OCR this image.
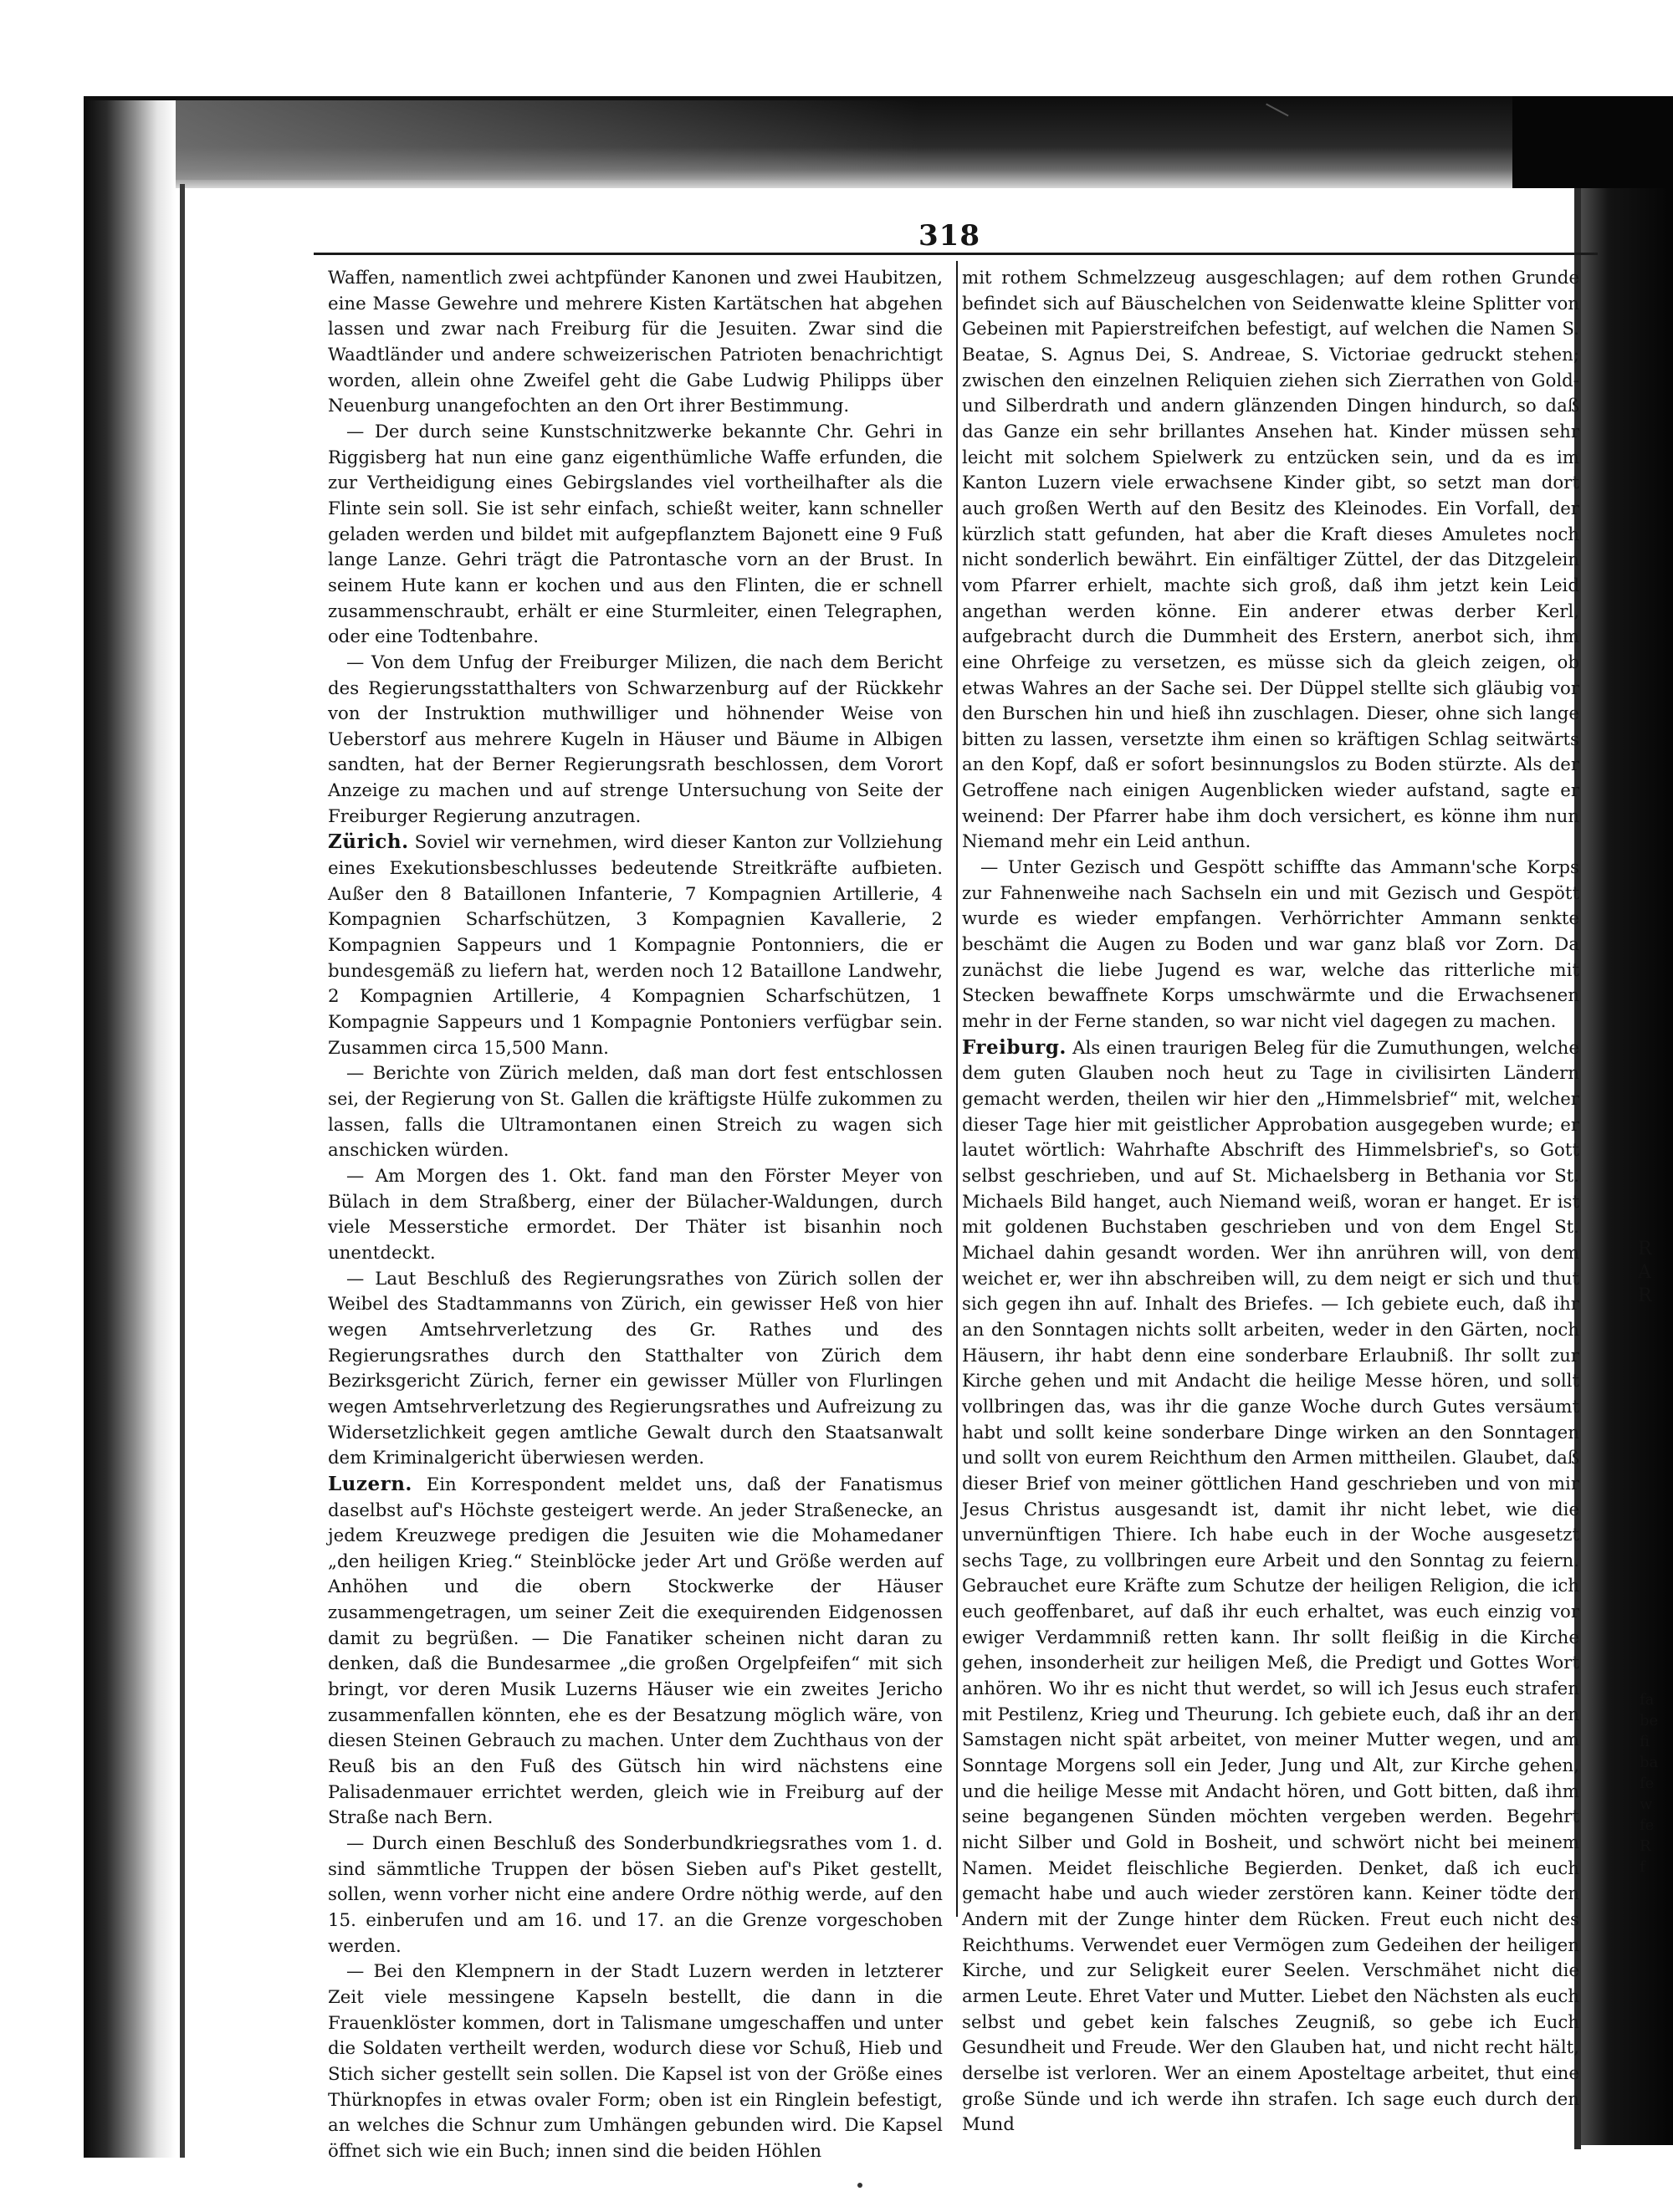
318

Waffen, namentlich zwei achtpfünder Kanonen und zwei Haubitzen, eine Masse Gewehre und mehrere Kisten Kartätschen hat abgehen lassen und zwar nach Freiburg für die Jesuiten. Zwar sind die Waadtländer und andere schweizerischen Patrioten benachrichtigt worden, allein ohne Zweifel geht die Gabe Ludwig Philipps über Neuenburg unangefochten an den Ort ihrer Bestimmung.

— Der durch seine Kunstschnitzwerke bekannte Chr. Gehri in Riggisberg hat nun eine ganz eigenthümliche Waffe erfunden, die zur Vertheidigung eines Gebirgslandes viel vortheilhafter als die Flinte sein soll. Sie ist sehr einfach, schießt weiter, kann schneller geladen werden und bildet mit aufgepflanztem Bajonett eine 9 Fuß lange Lanze. Gehri trägt die Patrontasche vorn an der Brust. In seinem Hute kann er kochen und aus den Flinten, die er schnell zusammenschraubt, erhält er eine Sturmleiter, einen Telegraphen, oder eine Todtenbahre.

— Von dem Unfug der Freiburger Milizen, die nach dem Bericht des Regierungsstatthalters von Schwarzenburg auf der Rückkehr von der Instruktion muthwilliger und höhnender Weise von Ueberstorf aus mehrere Kugeln in Häuser und Bäume in Albigen sandten, hat der Berner Regierungsrath beschlossen, dem Vorort Anzeige zu machen und auf strenge Untersuchung von Seite der Freiburger Regierung anzutragen.

Zürich. Soviel wir vernehmen, wird dieser Kanton zur Vollziehung eines Exekutionsbeschlusses bedeutende Streitkräfte aufbieten. Außer den 8 Bataillonen Infanterie, 7 Kompagnien Artillerie, 4 Kompagnien Scharfschützen, 3 Kompagnien Kavallerie, 2 Kompagnien Sappeurs und 1 Kompagnie Pontonniers, die er bundesgemäß zu liefern hat, werden noch 12 Bataillone Landwehr, 2 Kompagnien Artillerie, 4 Kompagnien Scharfschützen, 1 Kompagnie Sappeurs und 1 Kompagnie Pontoniers verfügbar sein. Zusammen circa 15,500 Mann.

— Berichte von Zürich melden, daß man dort fest entschlossen sei, der Regierung von St. Gallen die kräftigste Hülfe zukommen zu lassen, falls die Ultramontanen einen Streich zu wagen sich anschicken würden.

— Am Morgen des 1. Okt. fand man den Förster Meyer von Bülach in dem Straßberg, einer der Bülacher-Waldungen, durch viele Messerstiche ermordet. Der Thäter ist bisanhin noch unentdeckt.

— Laut Beschluß des Regierungsrathes von Zürich sollen der Weibel des Stadtammanns von Zürich, ein gewisser Heß von hier wegen Amtsehrverletzung des Gr. Rathes und des Regierungsrathes durch den Statthalter von Zürich dem Bezirksgericht Zürich, ferner ein gewisser Müller von Flurlingen wegen Amtsehrverletzung des Regierungsrathes und Aufreizung zu Widersetzlichkeit gegen amtliche Gewalt durch den Staatsanwalt dem Kriminalgericht überwiesen werden.

Luzern. Ein Korrespondent meldet uns, daß der Fanatismus daselbst auf's Höchste gesteigert werde. An jeder Straßenecke, an jedem Kreuzwege predigen die Jesuiten wie die Mohamedaner „den heiligen Krieg.“ Steinblöcke jeder Art und Größe werden auf Anhöhen und die obern Stockwerke der Häuser zusammengetragen, um seiner Zeit die exequirenden Eidgenossen damit zu begrüßen. — Die Fanatiker scheinen nicht daran zu denken, daß die Bundesarmee „die großen Orgelpfeifen“ mit sich bringt, vor deren Musik Luzerns Häuser wie ein zweites Jericho zusammenfallen könnten, ehe es der Besatzung möglich wäre, von diesen Steinen Gebrauch zu machen. Unter dem Zuchthaus von der Reuß bis an den Fuß des Gütsch hin wird nächstens eine Palisadenmauer errichtet werden, gleich wie in Freiburg auf der Straße nach Bern.

— Durch einen Beschluß des Sonderbundkriegsrathes vom 1. d. sind sämmtliche Truppen der bösen Sieben auf's Piket gestellt, sollen, wenn vorher nicht eine andere Ordre nöthig werde, auf den 15. einberufen und am 16. und 17. an die Grenze vorgeschoben werden.

— Bei den Klempnern in der Stadt Luzern werden in letzterer Zeit viele messingene Kapseln bestellt, die dann in die Frauenklöster kommen, dort in Talismane umgeschaffen und unter die Soldaten vertheilt werden, wodurch diese vor Schuß, Hieb und Stich sicher gestellt sein sollen. Die Kapsel ist von der Größe eines Thürknopfes in etwas ovaler Form; oben ist ein Ringlein befestigt, an welches die Schnur zum Umhängen gebunden wird. Die Kapsel öffnet sich wie ein Buch; innen sind die beiden Höhlen

mit rothem Schmelzzeug ausgeschlagen; auf dem rothen Grunde befindet sich auf Bäuschelchen von Seidenwatte kleine Splitter von Gebeinen mit Papierstreifchen befestigt, auf welchen die Namen S. Beatae, S. Agnus Dei, S. Andreae, S. Victoriae gedruckt stehen; zwischen den einzelnen Reliquien ziehen sich Zierrathen von Gold- und Silberdrath und andern glänzenden Dingen hindurch, so daß das Ganze ein sehr brillantes Ansehen hat. Kinder müssen sehr leicht mit solchem Spielwerk zu entzücken sein, und da es im Kanton Luzern viele erwachsene Kinder gibt, so setzt man dort auch großen Werth auf den Besitz des Kleinodes. Ein Vorfall, der kürzlich statt gefunden, hat aber die Kraft dieses Amuletes noch nicht sonderlich bewährt. Ein einfältiger Züttel, der das Ditzgelein vom Pfarrer erhielt, machte sich groß, daß ihm jetzt kein Leid angethan werden könne. Ein anderer etwas derber Kerl, aufgebracht durch die Dummheit des Erstern, anerbot sich, ihm eine Ohrfeige zu versetzen, es müsse sich da gleich zeigen, ob etwas Wahres an der Sache sei. Der Düppel stellte sich gläubig vor den Burschen hin und hieß ihn zuschlagen. Dieser, ohne sich lange bitten zu lassen, versetzte ihm einen so kräftigen Schlag seitwärts an den Kopf, daß er sofort besinnungslos zu Boden stürzte. Als der Getroffene nach einigen Augenblicken wieder aufstand, sagte er weinend: Der Pfarrer habe ihm doch versichert, es könne ihm nun Niemand mehr ein Leid anthun.

— Unter Gezisch und Gespött schiffte das Ammann'sche Korps zur Fahnenweihe nach Sachseln ein und mit Gezisch und Gespött wurde es wieder empfangen. Verhörrichter Ammann senkte beschämt die Augen zu Boden und war ganz blaß vor Zorn. Da zunächst die liebe Jugend es war, welche das ritterliche mit Stecken bewaffnete Korps umschwärmte und die Erwachsenen mehr in der Ferne standen, so war nicht viel dagegen zu machen.

Freiburg. Als einen traurigen Beleg für die Zumuthungen, welche dem guten Glauben noch heut zu Tage in civilisirten Ländern gemacht werden, theilen wir hier den „Himmelsbrief“ mit, welcher dieser Tage hier mit geistlicher Approbation ausgegeben wurde; er lautet wörtlich: Wahrhafte Abschrift des Himmelsbrief's, so Gott selbst geschrieben, und auf St. Michaelsberg in Bethania vor St. Michaels Bild hanget, auch Niemand weiß, woran er hanget. Er ist mit goldenen Buchstaben geschrieben und von dem Engel St. Michael dahin gesandt worden. Wer ihn anrühren will, von dem weichet er, wer ihn abschreiben will, zu dem neigt er sich und thut sich gegen ihn auf. Inhalt des Briefes. — Ich gebiete euch, daß ihr an den Sonntagen nichts sollt arbeiten, weder in den Gärten, noch Häusern, ihr habt denn eine sonderbare Erlaubniß. Ihr sollt zur Kirche gehen und mit Andacht die heilige Messe hören, und sollt vollbringen das, was ihr die ganze Woche durch Gutes versäumt habt und sollt keine sonderbare Dinge wirken an den Sonntagen und sollt von eurem Reichthum den Armen mittheilen. Glaubet, daß dieser Brief von meiner göttlichen Hand geschrieben und von mir Jesus Christus ausgesandt ist, damit ihr nicht lebet, wie die unvernünftigen Thiere. Ich habe euch in der Woche ausgesetzt sechs Tage, zu vollbringen eure Arbeit und den Sonntag zu feiern. Gebrauchet eure Kräfte zum Schutze der heiligen Religion, die ich euch geoffenbaret, auf daß ihr euch erhaltet, was euch einzig vor ewiger Verdammniß retten kann. Ihr sollt fleißig in die Kirche gehen, insonderheit zur heiligen Meß, die Predigt und Gottes Wort anhören. Wo ihr es nicht thut werdet, so will ich Jesus euch strafen mit Pestilenz, Krieg und Theurung. Ich gebiete euch, daß ihr an den Samstagen nicht spät arbeitet, von meiner Mutter wegen, und am Sonntage Morgens soll ein Jeder, Jung und Alt, zur Kirche gehen, und die heilige Messe mit Andacht hören, und Gott bitten, daß ihm seine begangenen Sünden möchten vergeben werden. Begehrt nicht Silber und Gold in Bosheit, und schwört nicht bei meinem Namen. Meidet fleischliche Begierden. Denket, daß ich euch gemacht habe und auch wieder zerstören kann. Keiner tödte den Andern mit der Zunge hinter dem Rücken. Freut euch nicht des Reichthums. Verwendet euer Vermögen zum Gedeihen der heiligen Kirche, und zur Seligkeit eurer Seelen. Verschmähet nicht die armen Leute. Ehret Vater und Mutter. Liebet den Nächsten als euch selbst und gebet kein falsches Zeugniß, so gebe ich Euch Gesundheit und Freude. Wer den Glauben hat, und nicht recht hält, derselbe ist verloren. Wer an einem Aposteltage arbeitet, thut eine große Sünde und ich werde ihn strafen. Ich sage euch durch den Mund

R
A
R
fa
be
fi
ba
fe
w
fe
R
f
